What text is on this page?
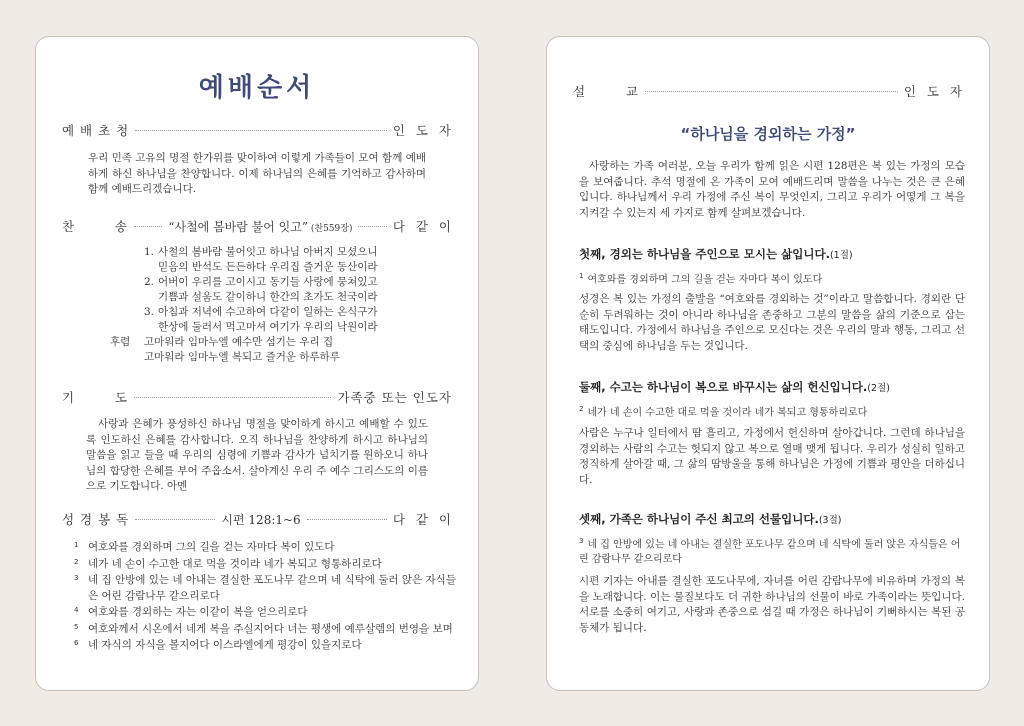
예배순서
예 배 초 청	인  도  자

우리 민족 고유의 명절 한가위를 맞이하여 이렇게 가족들이 모여 함께 예배하게 하신 하나님을 찬양합니다. 이제 하나님의 은혜를 기억하고 감사하며 함께 예배드리겠습니다.

찬        송	“사철에 봄바람 불어 잇고” (찬559장)	다  같  이
1. 사철의 봄바람 불어잇고 하나님 아버지 모셨으니
믿음의 반석도 든든하다 우리집 즐거운 동산이라
2. 어버이 우리를 고이시고 동기들 사랑에 뭉쳐있고
기쁨과 설움도 같이하니 한간의 초가도 천국이라
3. 아침과 저녁에 수고하여 다같이 일하는 온식구가
한상에 둘러서 먹고마셔 여기가 우리의 낙원이라
후렴	고마워라 임마누엘 예수만 섬기는 우리 집
고마워라 임마누엘 복되고 즐거운 하루하루
기        도	가족중 또는 인도자

사랑과 은혜가 풍성하신 하나님 명절을 맞이하게 하시고 예배할 수 있도록 인도하신 은혜를 감사합니다. 오직 하나님을 찬양하게 하시고 하나님의 말씀을 읽고 들을 때 우리의 심령에 기쁨과 감사가 넘치기를 원하오니 하나님의 합당한 은혜를 부어 주옵소서. 살아계신 우리 주 예수 그리스도의 이름으로 기도합니다. 아멘

성 경 봉 독	시편 128:1~6	다  같  이
1 여호와를 경외하며 그의 길을 걷는 자마다 복이 있도다
2 네가 네 손이 수고한 대로 먹을 것이라 네가 복되고 형통하리로다
3 네 집 안방에 있는 네 아내는 결실한 포도나무 같으며 네 식탁에 둘러 앉은 자식들은 어린 감람나무 같으리로다
4 여호와를 경외하는 자는 이같이 복을 얻으리로다
5 여호와께서 시온에서 네게 복을 주실지어다 너는 평생에 예루살렘의 번영을 보며
6 네 자식의 자식을 볼지어다 이스라엘에게 평강이 있을지로다
설        교	인  도  자
“하나님을 경외하는 가정”

사랑하는 가족 여러분, 오늘 우리가 함께 읽은 시편 128편은 복 있는 가정의 모습을 보여줍니다. 추석 명절에 온 가족이 모여 예배드리며 말씀을 나누는 것은 큰 은혜입니다. 하나님께서 우리 가정에 주신 복이 무엇인지, 그리고 우리가 어떻게 그 복을 지켜갈 수 있는지 세 가지로 함께 살펴보겠습니다.

첫째, 경외는 하나님을 주인으로 모시는 삶입니다.(1절)
$^1$ 여호와를 경외하며 그의 길을 걷는 자마다 복이 있도다

성경은 복 있는 가정의 출발을 “여호와를 경외하는 것”이라고 말씀합니다. 경외란 단순히 두려워하는 것이 아니라 하나님을 존중하고 그분의 말씀을 삶의 기준으로 삼는 태도입니다. 가정에서 하나님을 주인으로 모신다는 것은 우리의 말과 행동, 그리고 선택의 중심에 하나님을 두는 것입니다.

둘째, 수고는 하나님이 복으로 바꾸시는 삶의 헌신입니다.(2절)
$^2$ 네가 네 손이 수고한 대로 먹을 것이라 네가 복되고 형통하리로다

사람은 누구나 일터에서 땀 흘리고, 가정에서 헌신하며 살아갑니다. 그런데 하나님을 경외하는 사람의 수고는 헛되지 않고 복으로 열매 맺게 됩니다. 우리가 성실히 일하고 정직하게 살아갈 때, 그 삶의 땀방울을 통해 하나님은 가정에 기쁨과 평안을 더하십니다.

셋째, 가족은 하나님이 주신 최고의 선물입니다.(3절)
$^3$ 네 집 안방에 있는 네 아내는 결실한 포도나무 같으며 네 식탁에 둘러 앉은 자식들은 어린 감람나무 같으리로다

시편 기자는 아내를 결실한 포도나무에, 자녀를 어린 감람나무에 비유하며 가정의 복을 노래합니다. 이는 물질보다도 더 귀한 하나님의 선물이 바로 가족이라는 뜻입니다. 서로를 소중히 여기고, 사랑과 존중으로 섬길 때 가정은 하나님이 기뻐하시는 복된 공동체가 됩니다.
